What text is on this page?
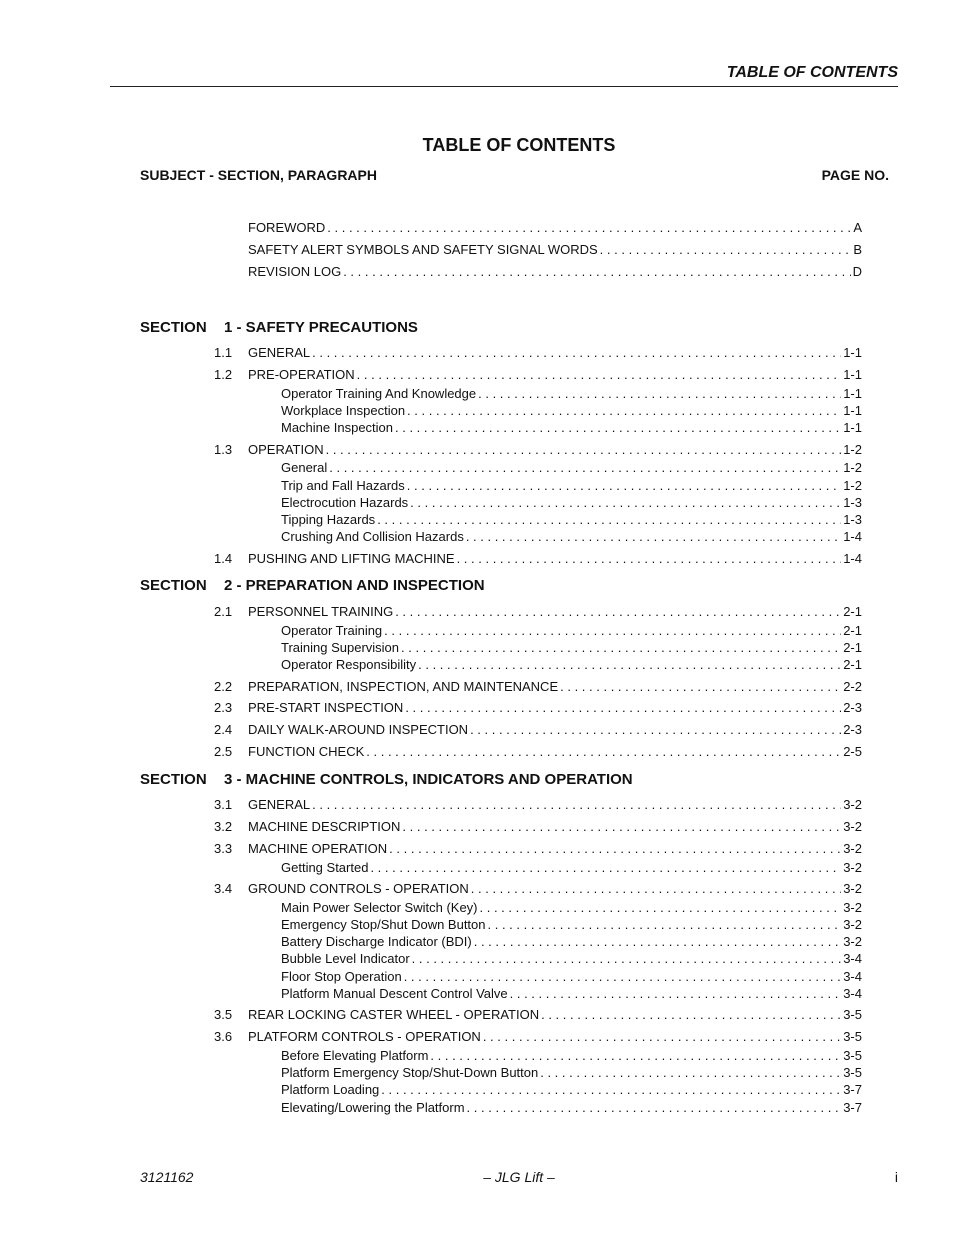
TABLE OF CONTENTS
TABLE OF CONTENTS
SUBJECT - SECTION, PARAGRAPH	PAGE NO.
FOREWORD . . .	A
SAFETY ALERT SYMBOLS AND SAFETY SIGNAL WORDS . . .	B
REVISION LOG . . .	D
SECTION 1 - SAFETY PRECAUTIONS
1.1 GENERAL . . .	1-1
1.2 PRE-OPERATION . . .	1-1
Operator Training And Knowledge . . .	1-1
Workplace Inspection . . .	1-1
Machine Inspection . . .	1-1
1.3 OPERATION . . .	1-2
General . . .	1-2
Trip and Fall Hazards . . .	1-2
Electrocution Hazards . . .	1-3
Tipping Hazards . . .	1-3
Crushing And Collision Hazards . . .	1-4
1.4 PUSHING AND LIFTING MACHINE . . .	1-4
SECTION 2 - PREPARATION AND INSPECTION
2.1 PERSONNEL TRAINING . . .	2-1
Operator Training . . .	2-1
Training Supervision . . .	2-1
Operator Responsibility . . .	2-1
2.2 PREPARATION, INSPECTION, AND MAINTENANCE . . .	2-2
2.3 PRE-START INSPECTION . . .	2-3
2.4 DAILY WALK-AROUND INSPECTION . . .	2-3
2.5 FUNCTION CHECK . . .	2-5
SECTION 3 - MACHINE CONTROLS, INDICATORS AND OPERATION
3.1 GENERAL . . .	3-2
3.2 MACHINE DESCRIPTION . . .	3-2
3.3 MACHINE OPERATION . . .	3-2
Getting Started . . .	3-2
3.4 GROUND CONTROLS - OPERATION . . .	3-2
Main Power Selector Switch (Key) . . .	3-2
Emergency Stop/Shut Down Button . . .	3-2
Battery Discharge Indicator (BDI) . . .	3-2
Bubble Level Indicator . . .	3-4
Floor Stop Operation . . .	3-4
Platform Manual Descent Control Valve . . .	3-4
3.5 REAR LOCKING CASTER WHEEL - OPERATION . . .	3-5
3.6 PLATFORM CONTROLS - OPERATION . . .	3-5
Before Elevating Platform . . .	3-5
Platform Emergency Stop/Shut-Down Button . . .	3-5
Platform Loading . . .	3-7
Elevating/Lowering the Platform . . .	3-7
3121162	– JLG Lift –	i
